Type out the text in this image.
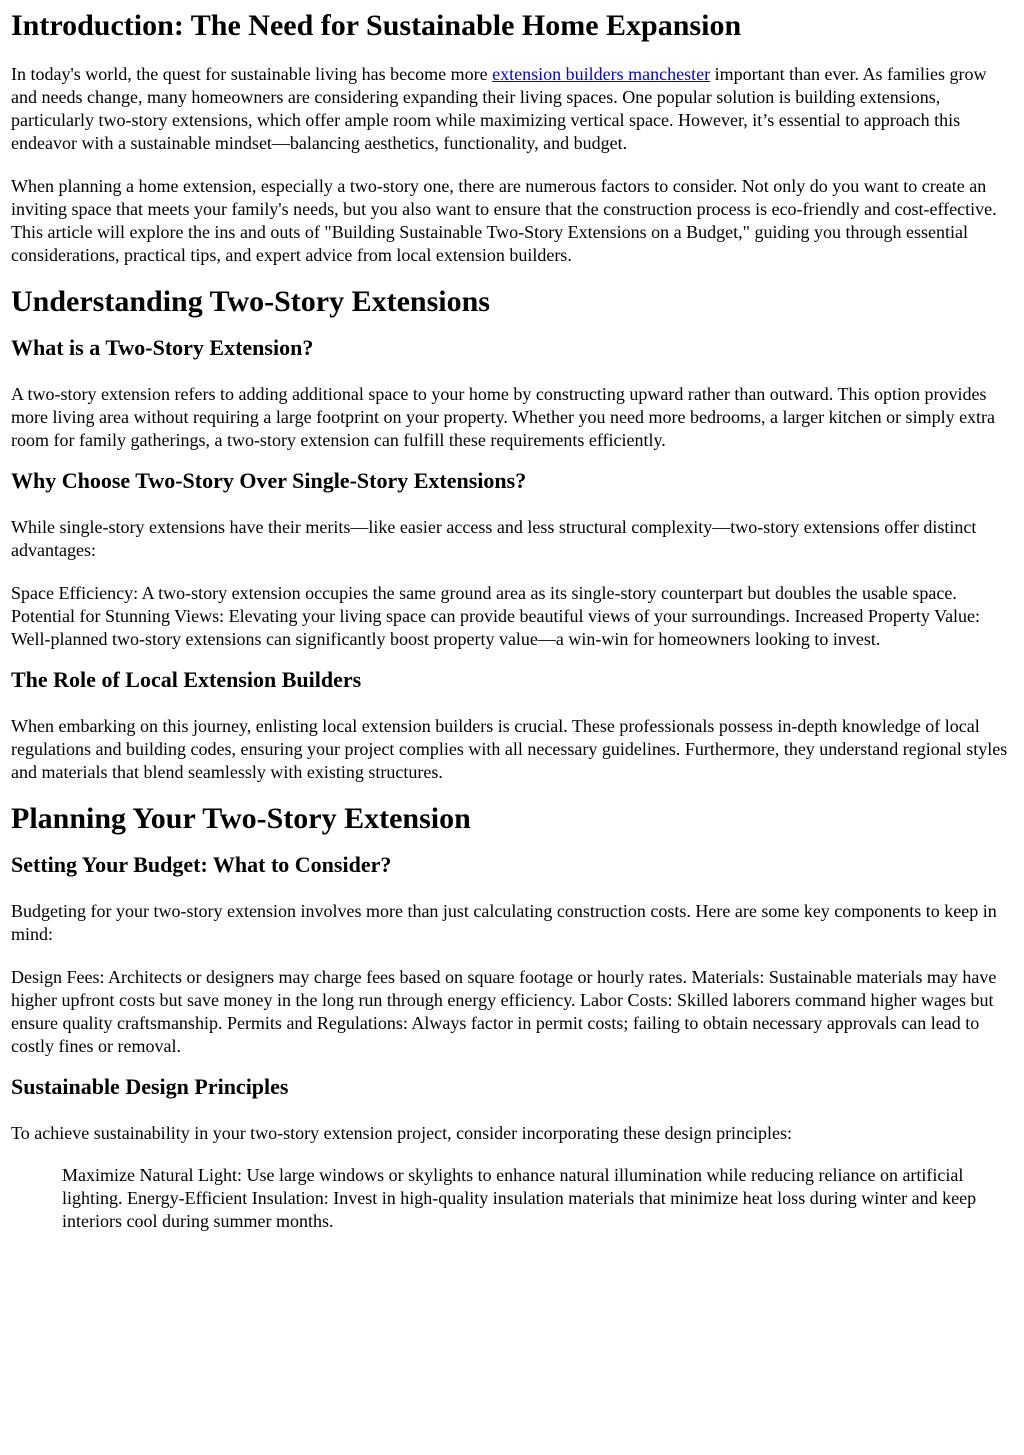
Introduction: The Need for Sustainable Home Expansion

In today's world, the quest for sustainable living has become more extension builders manchester important than ever. As families grow and needs change, many homeowners are considering expanding their living spaces. One popular solution is building extensions, particularly two-story extensions, which offer ample room while maximizing vertical space. However, it’s essential to approach this endeavor with a sustainable mindset—balancing aesthetics, functionality, and budget.

When planning a home extension, especially a two-story one, there are numerous factors to consider. Not only do you want to create an inviting space that meets your family's needs, but you also want to ensure that the construction process is eco-friendly and cost-effective. This article will explore the ins and outs of "Building Sustainable Two-Story Extensions on a Budget," guiding you through essential considerations, practical tips, and expert advice from local extension builders.

Understanding Two-Story Extensions
What is a Two-Story Extension?

A two-story extension refers to adding additional space to your home by constructing upward rather than outward. This option provides more living area without requiring a large footprint on your property. Whether you need more bedrooms, a larger kitchen or simply extra room for family gatherings, a two-story extension can fulfill these requirements efficiently.

Why Choose Two-Story Over Single-Story Extensions?

While single-story extensions have their merits—like easier access and less structural complexity—two-story extensions offer distinct advantages:

Space Efficiency: A two-story extension occupies the same ground area as its single-story counterpart but doubles the usable space. Potential for Stunning Views: Elevating your living space can provide beautiful views of your surroundings. Increased Property Value: Well-planned two-story extensions can significantly boost property value—a win-win for homeowners looking to invest.

The Role of Local Extension Builders

When embarking on this journey, enlisting local extension builders is crucial. These professionals possess in-depth knowledge of local regulations and building codes, ensuring your project complies with all necessary guidelines. Furthermore, they understand regional styles and materials that blend seamlessly with existing structures.

Planning Your Two-Story Extension
Setting Your Budget: What to Consider?

Budgeting for your two-story extension involves more than just calculating construction costs. Here are some key components to keep in mind:

Design Fees: Architects or designers may charge fees based on square footage or hourly rates. Materials: Sustainable materials may have higher upfront costs but save money in the long run through energy efficiency. Labor Costs: Skilled laborers command higher wages but ensure quality craftsmanship. Permits and Regulations: Always factor in permit costs; failing to obtain necessary approvals can lead to costly fines or removal.

Sustainable Design Principles

To achieve sustainability in your two-story extension project, consider incorporating these design principles:

Maximize Natural Light: Use large windows or skylights to enhance natural illumination while reducing reliance on artificial lighting. Energy-Efficient Insulation: Invest in high-quality insulation materials that minimize heat loss during winter and keep interiors cool during summer months.
